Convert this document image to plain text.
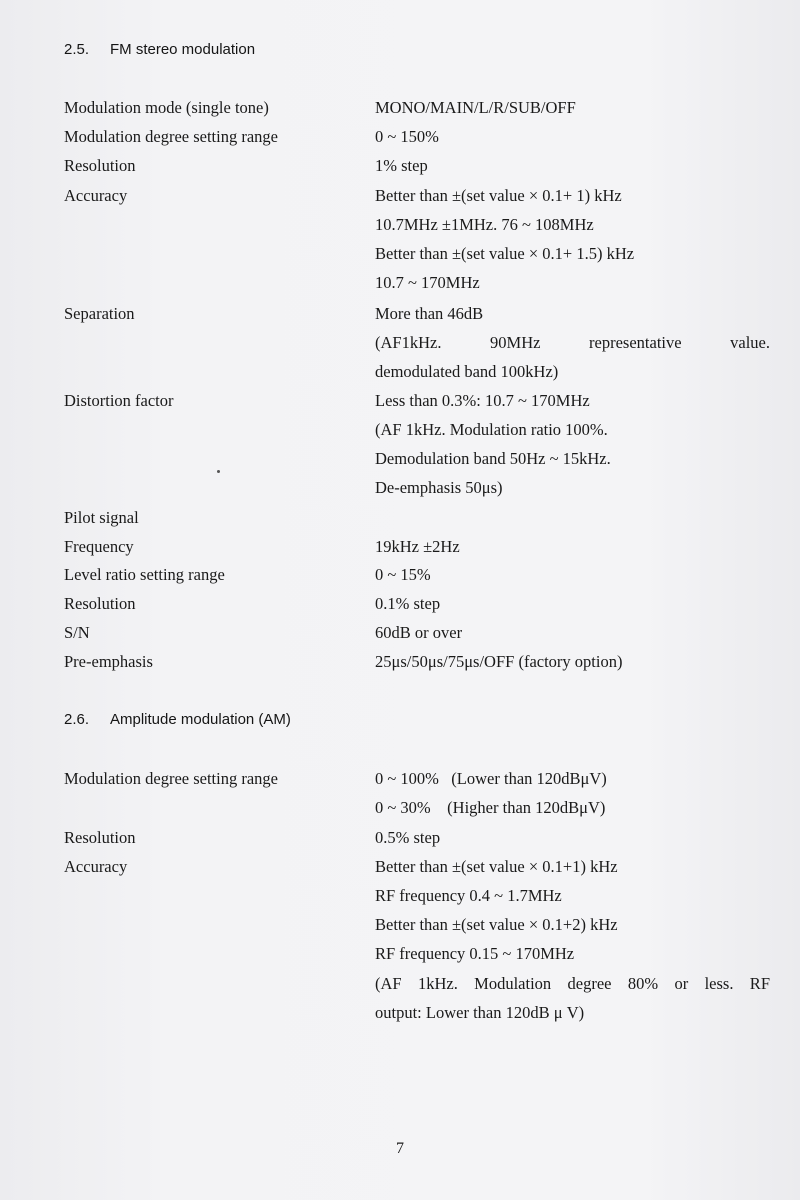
2.5. FM stereo modulation
Modulation mode (single tone)	MONO/MAIN/L/R/SUB/OFF
Modulation degree setting range	0 ~ 150%
Resolution	1% step
Accuracy	Better than ±(set value × 0.1+ 1) kHz
10.7MHz ±1MHz. 76 ~ 108MHz
Better than ±(set value × 0.1+ 1.5) kHz
10.7 ~ 170MHz
Separation	More than 46dB
(AF1kHz. 90MHz representative value.
demodulated band 100kHz)
Distortion factor	Less than 0.3%: 10.7 ~ 170MHz
(AF 1kHz. Modulation ratio 100%.
Demodulation band 50Hz ~ 15kHz.
De-emphasis 50μs)
Pilot signal
Frequency	19kHz ±2Hz
Level ratio setting range	0 ~ 15%
Resolution	0.1% step
S/N	60dB or over
Pre-emphasis	25μs/50μs/75μs/OFF (factory option)
2.6. Amplitude modulation (AM)
Modulation degree setting range	0 ~ 100%   (Lower than 120dBμV)
0 ~ 30%    (Higher than 120dBμV)
Resolution	0.5% step
Accuracy	Better than ±(set value × 0.1+1) kHz
RF frequency 0.4 ~ 1.7MHz
Better than ±(set value × 0.1+2) kHz
RF frequency 0.15 ~ 170MHz
(AF 1kHz. Modulation degree 80% or less. RF
output: Lower than 120dB μ V)
7
